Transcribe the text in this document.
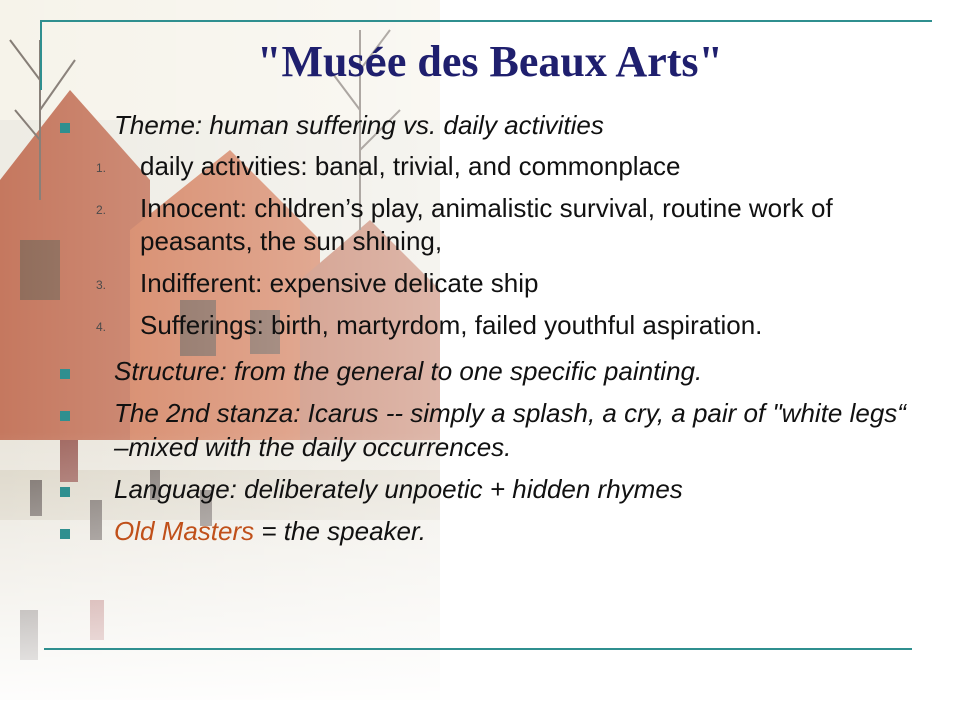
"Musée des Beaux Arts"
Theme: human suffering vs. daily activities
1. daily activities: banal, trivial, and commonplace
2. Innocent: children’s play, animalistic survival, routine work of peasants, the sun shining,
3. Indifferent: expensive delicate ship
4. Sufferings: birth, martyrdom, failed youthful aspiration.
Structure: from the general to one specific painting.
The 2nd stanza: Icarus -- simply a splash, a cry, a pair of "white legs“ –mixed with the daily occurrences.
Language: deliberately unpoetic + hidden rhymes
Old Masters = the speaker.
